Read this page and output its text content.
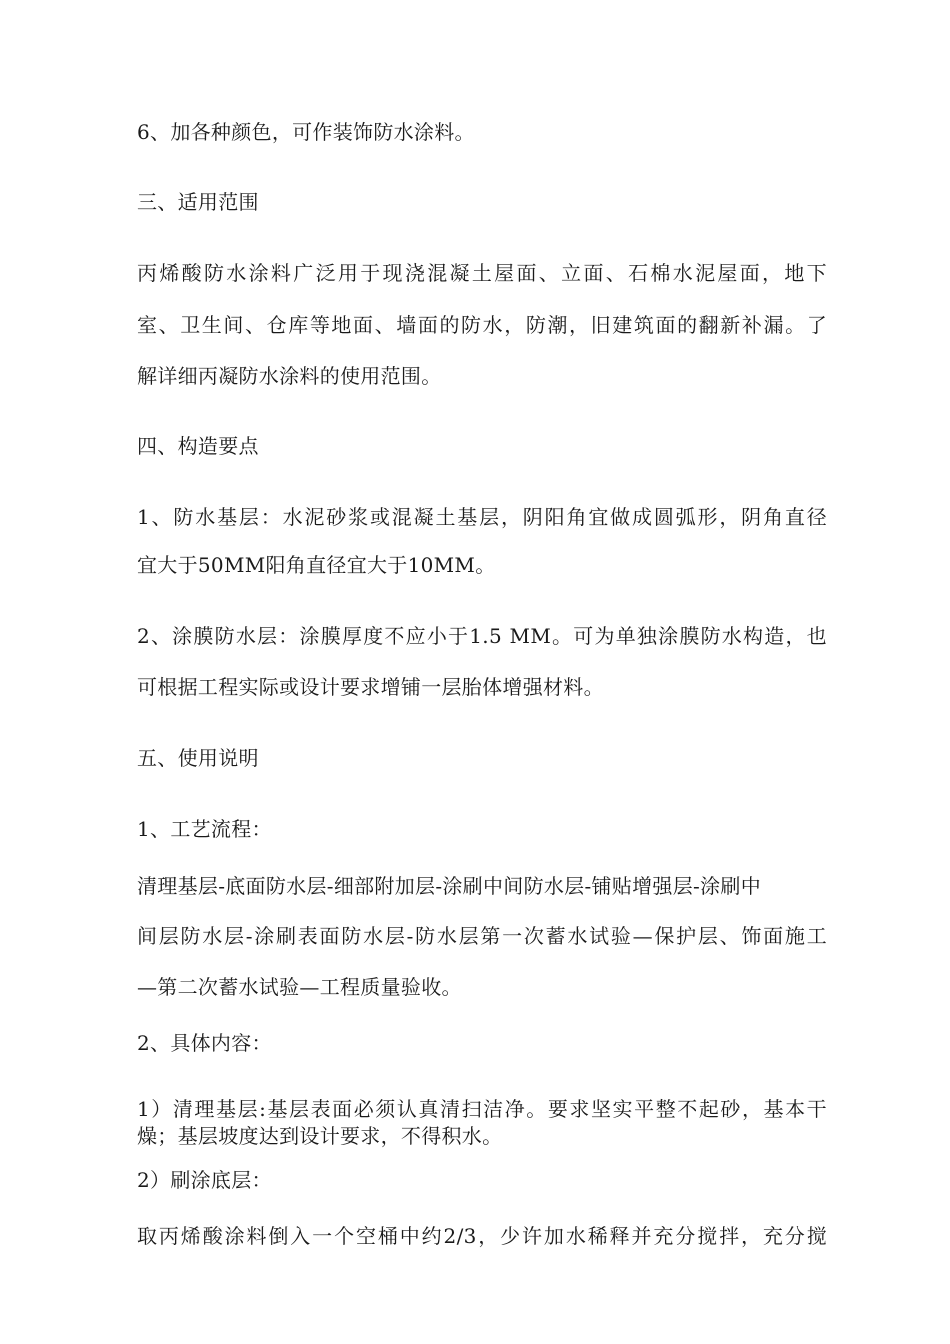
6、加各种颜色，可作装饰防水涂料。
三、适用范围
丙烯酸防水涂料广泛用于现浇混凝土屋面、立面、石棉水泥屋面，地下
室、卫生间、仓库等地面、墙面的防水，防潮，旧建筑面的翻新补漏。了
解详细丙凝防水涂料的使用范围。
四、构造要点
1、防水基层：水泥砂浆或混凝土基层，阴阳角宜做成圆弧形，阴角直径
宜大于50MM阳角直径宜大于10MM。
2、涂膜防水层：涂膜厚度不应小于1.5 MM。可为单独涂膜防水构造，也
可根据工程实际或设计要求增铺一层胎体增强材料。
五、使用说明
1、工艺流程：
清理基层-底面防水层-细部附加层-涂刷中间防水层-铺贴增强层-涂刷中
间层防水层-涂刷表面防水层-防水层第一次蓄水试验—保护层、饰面施工
—第二次蓄水试验—工程质量验收。
2、具体内容：
1）清理基层:基层表面必须认真清扫洁净。要求坚实平整不起砂，基本干
燥；基层坡度达到设计要求，不得积水。
2）刷涂底层：
取丙烯酸涂料倒入一个空桶中约2/3，少许加水稀释并充分搅拌，充分搅
